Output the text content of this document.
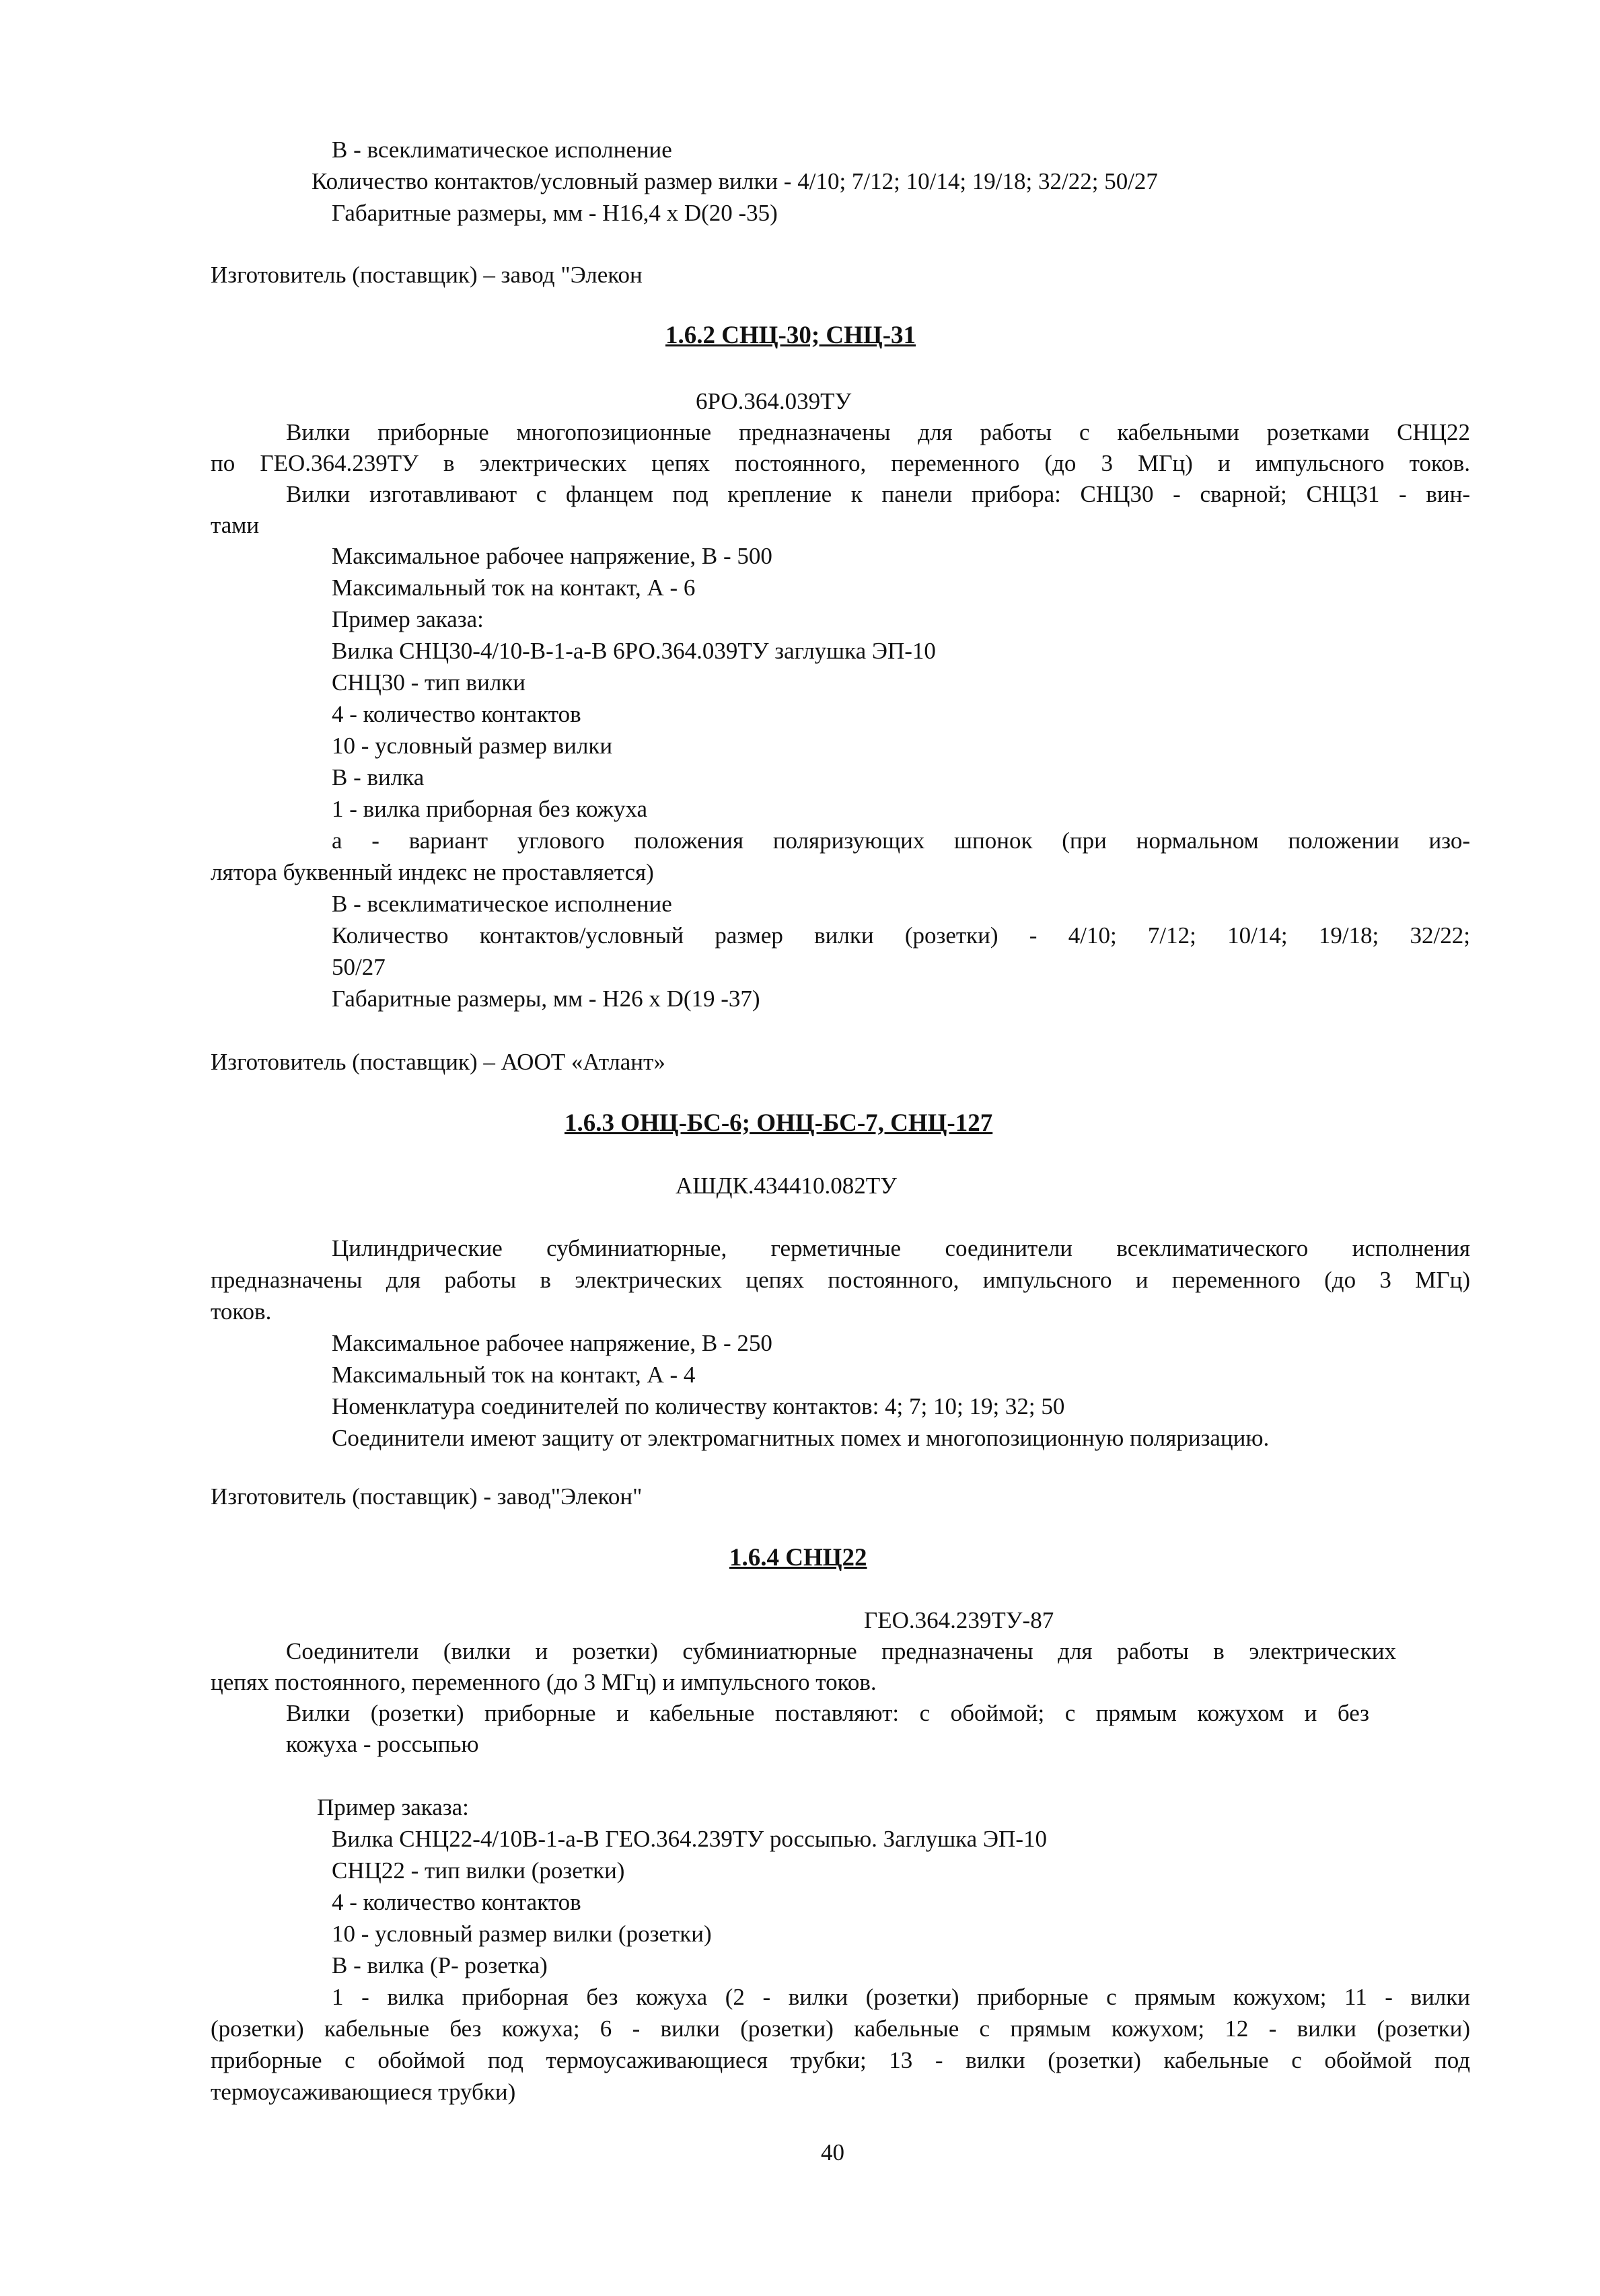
В - всеклиматическое исполнение
Количество контактов/условный размер вилки - 4/10; 7/12; 10/14; 19/18; 32/22; 50/27
Габаритные размеры, мм - Н16,4 х D(20 -35)
Изготовитель (поставщик) – завод "Элекон
1.6.2 СНЦ-30; СНЦ-31
6РО.364.039ТУ
Вилки приборные многопозиционные предназначены для работы с кабельными розетками СНЦ22
по ГЕО.364.239ТУ в электрических цепях постоянного, переменного (до 3 МГц) и импульсного токов.
Вилки изготавливают с фланцем под крепление к панели прибора: СНЦ30 - сварной; СНЦ31 - вин-
тами
Максимальное рабочее напряжение, В - 500
Максимальный ток на контакт, А - 6
Пример заказа:
Вилка СНЦ30-4/10-В-1-а-В 6РО.364.039ТУ заглушка ЭП-10
СНЦ30 - тип вилки
4 - количество контактов
10 - условный размер вилки
В - вилка
1 - вилка приборная без кожуха
а - вариант углового положения поляризующих шпонок (при нормальном положении изо-
лятора буквенный индекс не проставляется)
В - всеклиматическое исполнение
Количество контактов/условный размер вилки (розетки) - 4/10; 7/12; 10/14; 19/18; 32/22;
50/27
Габаритные размеры, мм - Н26 х D(19 -37)
Изготовитель (поставщик) – АООТ «Атлант»
1.6.3 ОНЦ-БС-6; ОНЦ-БС-7, СНЦ-127
АШДК.434410.082ТУ
Цилиндрические субминиатюрные, герметичные соединители всеклиматического исполнения
предназначены для работы в электрических цепях постоянного, импульсного и переменного (до 3 МГц)
токов.
Максимальное рабочее напряжение, В - 250
Максимальный ток на контакт, А - 4
Номенклатура соединителей по количеству контактов: 4; 7; 10; 19; 32; 50
Соединители имеют защиту от электромагнитных помех и многопозиционную поляризацию.
Изготовитель (поставщик) - завод"Элекон"
1.6.4 СНЦ22
ГЕО.364.239ТУ-87
Соединители (вилки и розетки) субминиатюрные предназначены для работы в электрических
цепях постоянного, переменного (до 3 МГц) и импульсного токов.
Вилки (розетки) приборные и кабельные поставляют: с обоймой; с прямым кожухом и без
кожуха - россыпью
Пример заказа:
Вилка СНЦ22-4/10В-1-а-В ГЕО.364.239ТУ россыпью. Заглушка ЭП-10
СНЦ22 - тип вилки (розетки)
4 - количество контактов
10 - условный размер вилки (розетки)
В - вилка (Р- розетка)
1 - вилка приборная без кожуха (2 - вилки (розетки) приборные с прямым кожухом; 11 - вилки
(розетки) кабельные без кожуха; 6 - вилки (розетки) кабельные с прямым кожухом; 12 - вилки (розетки)
приборные с обоймой под термоусаживающиеся трубки; 13 - вилки (розетки) кабельные с обоймой под
термоусаживающиеся трубки)
40
